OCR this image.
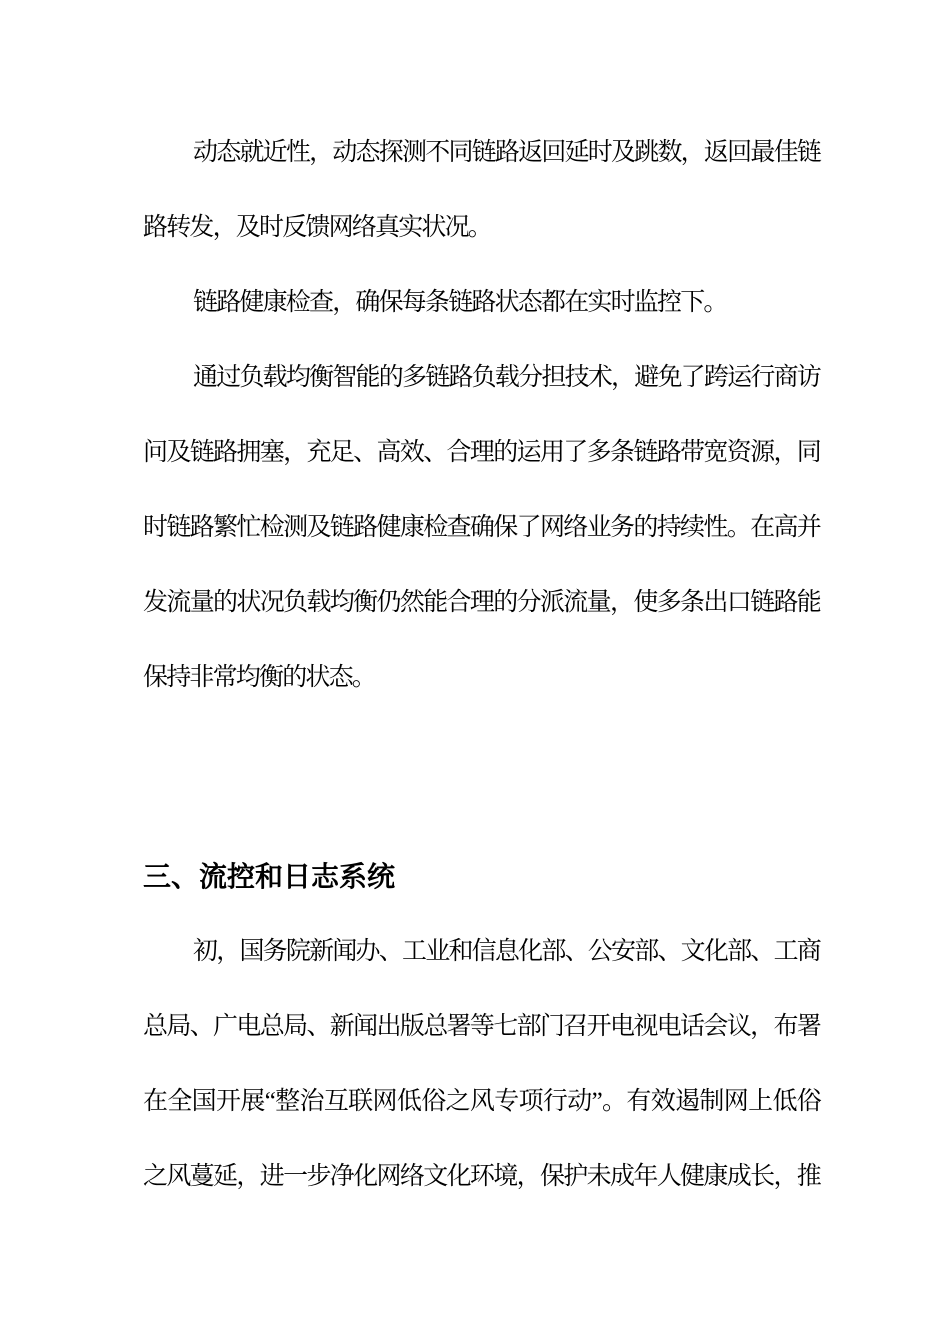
动态就近性，动态探测不同链路返回延时及跳数，返回最佳链
路转发，及时反馈网络真实状况。
链路健康检查，确保每条链路状态都在实时监控下。
通过负载均衡智能的多链路负载分担技术，避免了跨运行商访
问及链路拥塞，充足、高效、合理的运用了多条链路带宽资源，同
时链路繁忙检测及链路健康检查确保了网络业务的持续性。在高并
发流量的状况负载均衡仍然能合理的分派流量，使多条出口链路能
保持非常均衡的状态。
三、流控和日志系统
初，国务院新闻办、工业和信息化部、公安部、文化部、工商
总局、广电总局、新闻出版总署等七部门召开电视电话会议，布署
在全国开展“整治互联网低俗之风专项行动”。有效遏制网上低俗
之风蔓延，进一步净化网络文化环境，保护未成年人健康成长，推
